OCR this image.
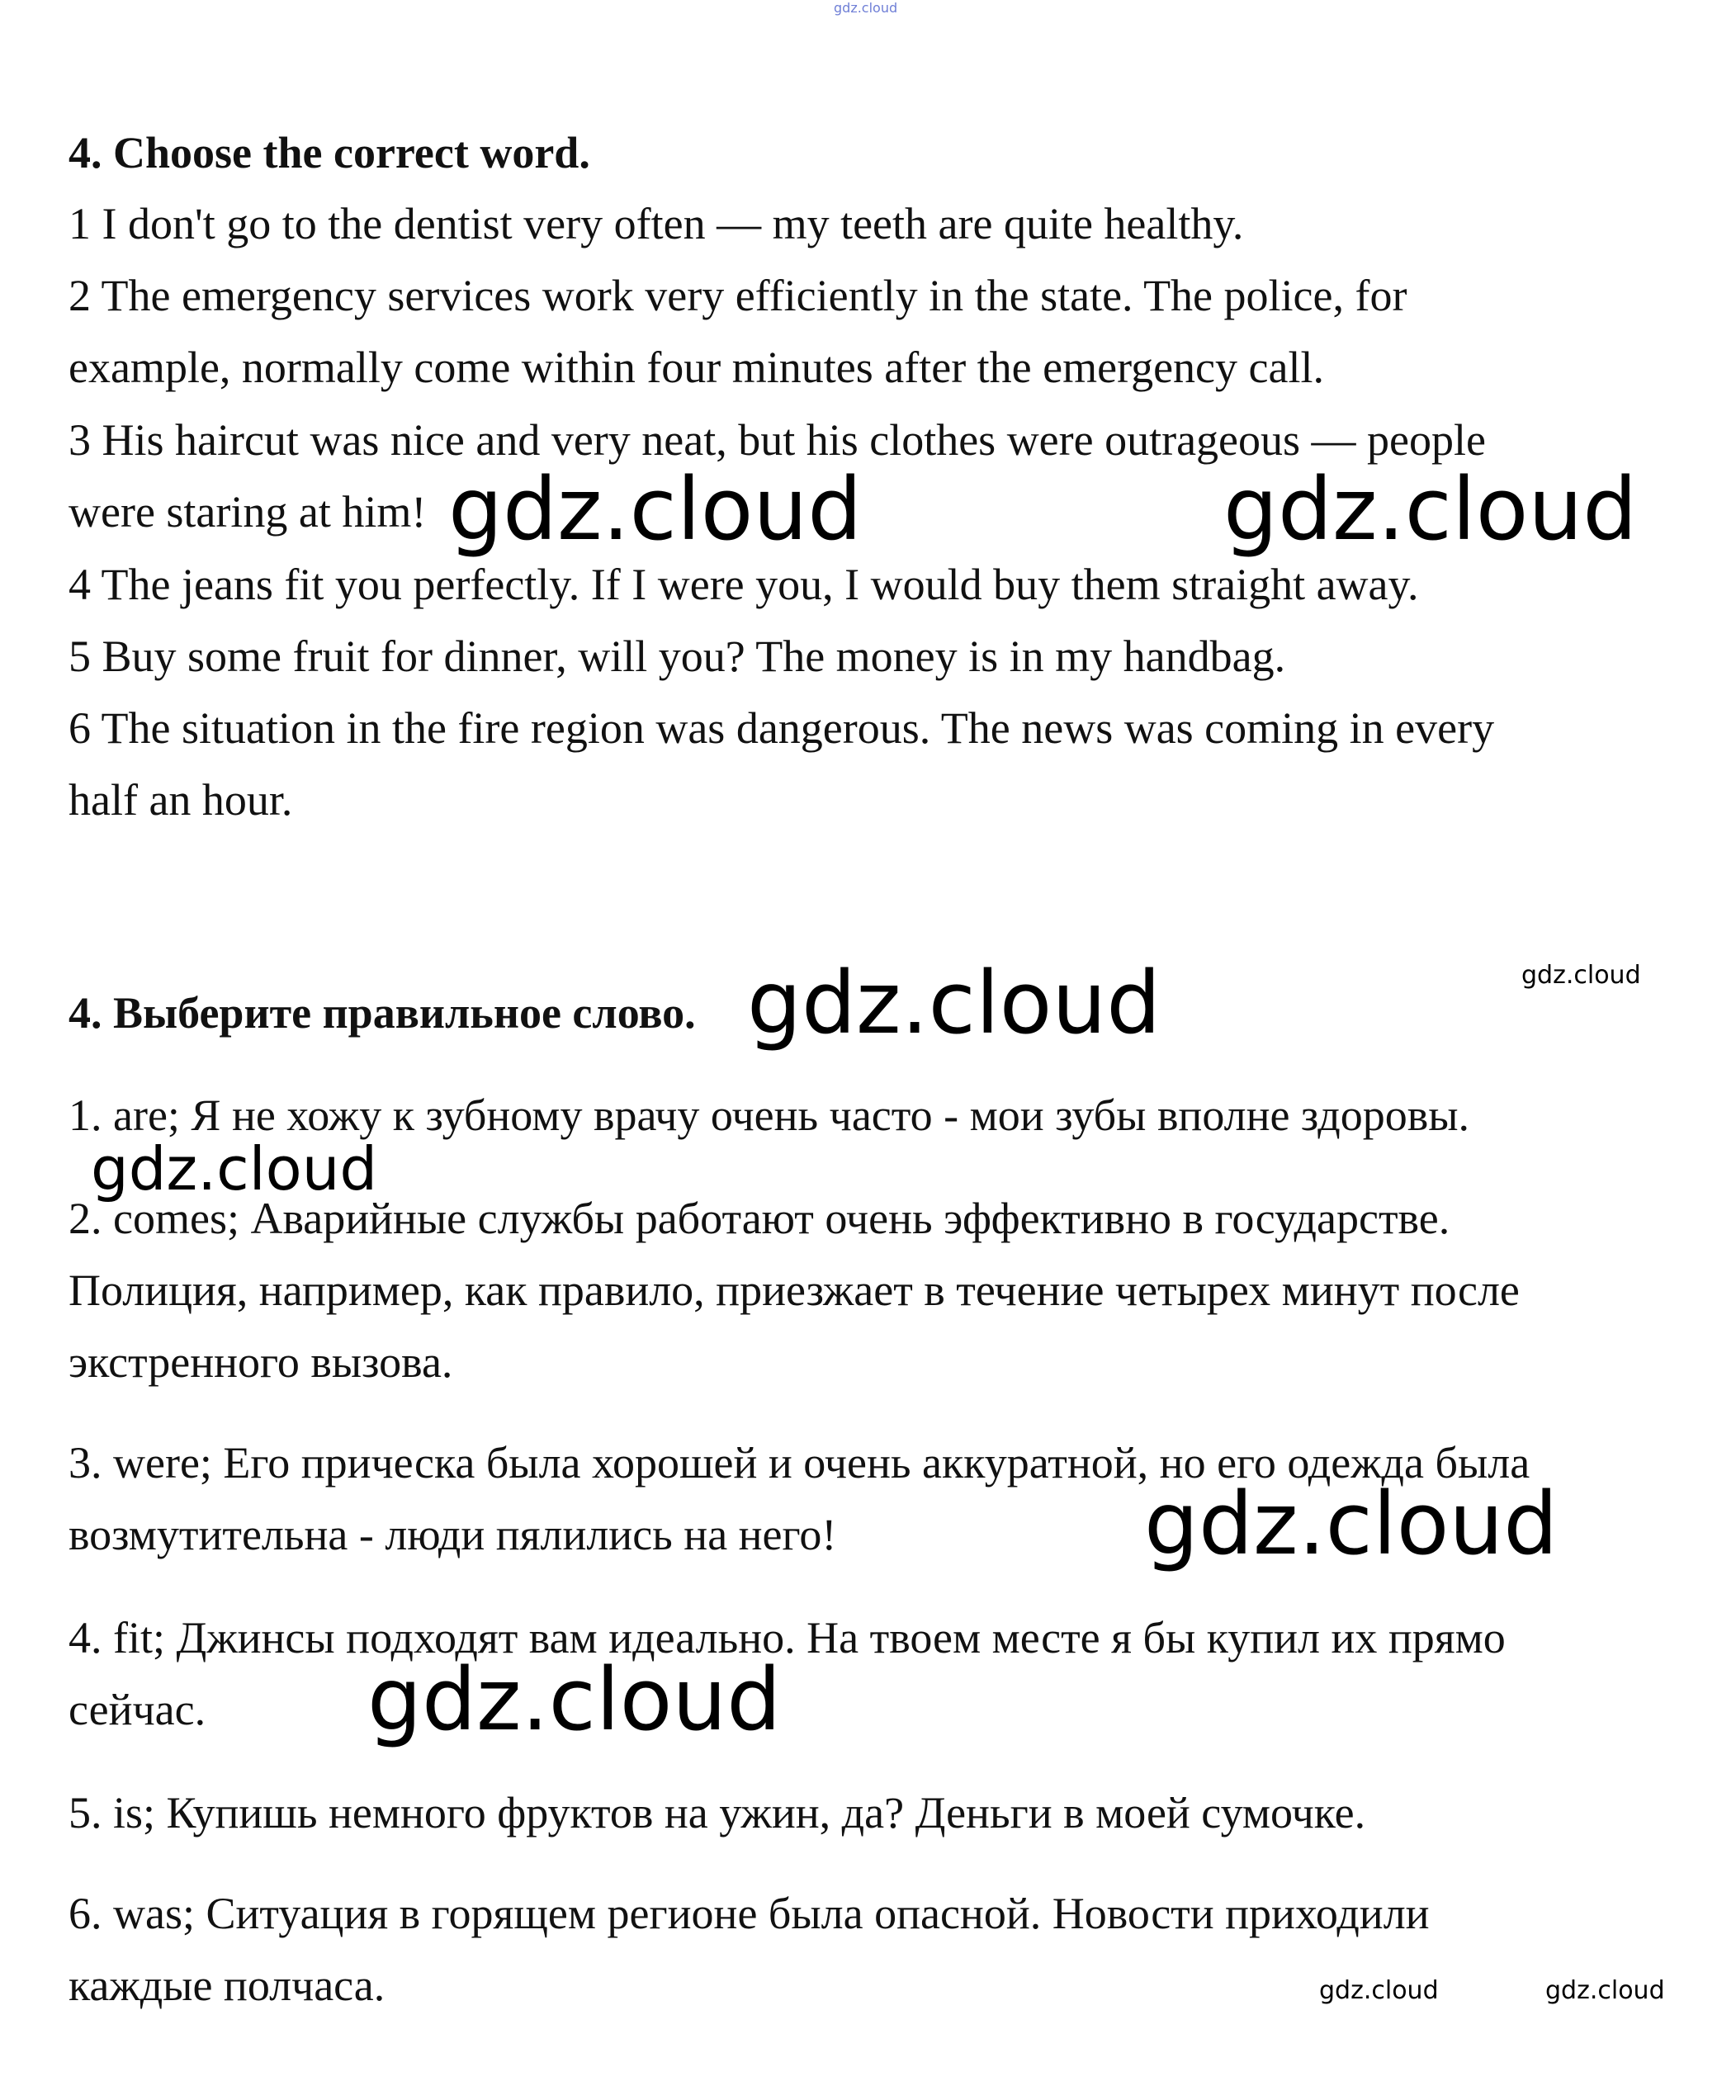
gdz.cloud
4. Choose the correct word.
1 I don't go to the dentist very often — my teeth are quite healthy.
2 The emergency services work very efficiently in the state. The police, for
example, normally come within four minutes after the emergency call.
3 His haircut was nice and very neat, but his clothes were outrageous — people
were staring at him!
4 The jeans fit you perfectly. If I were you, I would buy them straight away.
5 Buy some fruit for dinner, will you? The money is in my handbag.
6 The situation in the fire region was dangerous. The news was coming in every
half an hour.
4. Выберите правильное слово.
1. are; Я не хожу к зубному врачу очень часто - мои зубы вполне здоровы.
2. comes; Аварийные службы работают очень эффективно в государстве.
Полиция, например, как правило, приезжает в течение четырех минут после
экстренного вызова.
3. were; Его прическа была хорошей и очень аккуратной, но его одежда была
возмутительна - люди пялились на него!
4. fit; Джинсы подходят вам идеально. На твоем месте я бы купил их прямо
сейчас.
5. is; Купишь немного фруктов на ужин, да? Деньги в моей сумочке.
6. was; Ситуация в горящем регионе была опасной. Новости приходили
каждые полчаса.
gdz.cloud	gdz.cloud
gdz.cloud	gdz.cloud
gdz.cloud
gdz.cloud
gdz.cloud
gdz.cloud	gdz.cloud
